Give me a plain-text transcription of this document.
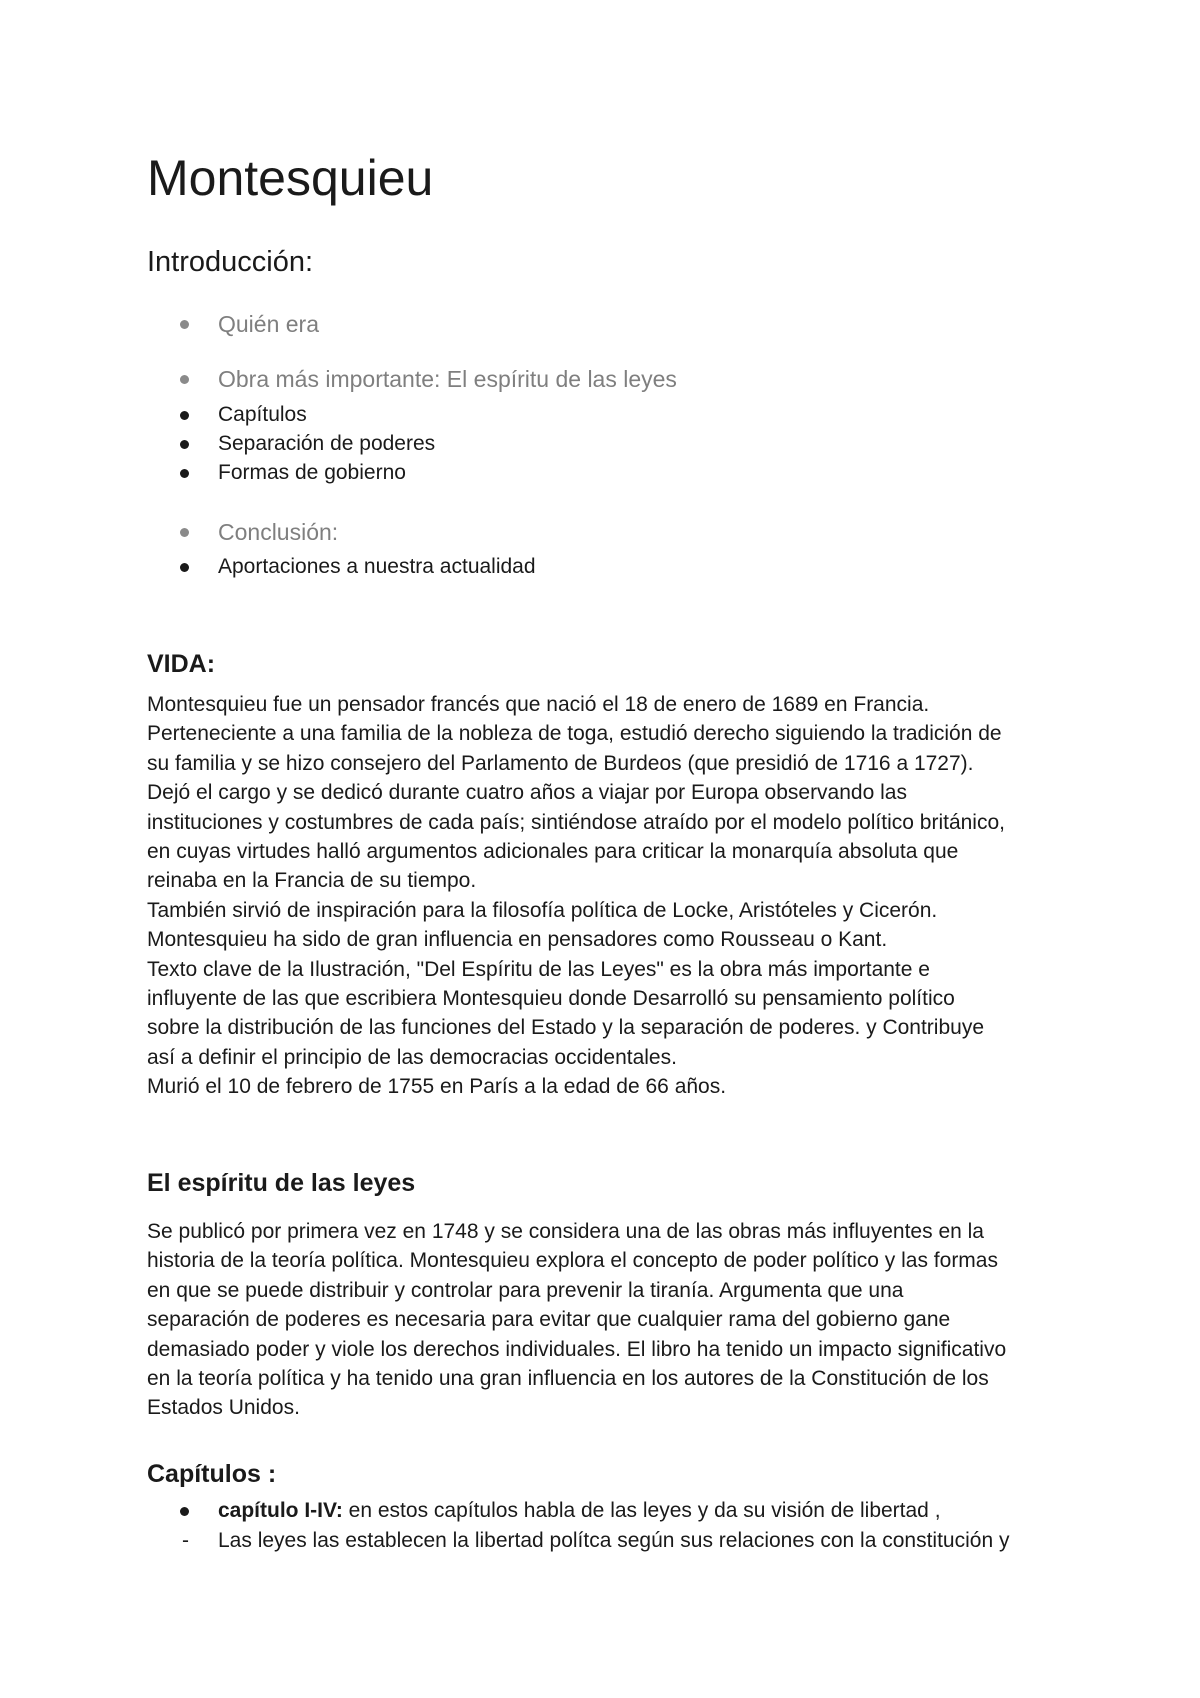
Montesquieu
Introducción:
Quién era
Obra más importante: El espíritu de las leyes
Capítulos
Separación de poderes
Formas de gobierno
Conclusión:
Aportaciones a nuestra actualidad
VIDA:
Montesquieu fue un pensador francés que nació el 18 de enero de 1689 en Francia.
Perteneciente a una familia de la nobleza de toga, estudió derecho siguiendo la tradición de
su familia y se hizo consejero del Parlamento de Burdeos (que presidió de 1716 a 1727).
Dejó el cargo y se dedicó durante cuatro años a viajar por Europa observando las
instituciones y costumbres de cada país; sintiéndose atraído por el modelo político británico,
en cuyas virtudes halló argumentos adicionales para criticar la monarquía absoluta que
reinaba en la Francia de su tiempo.
También sirvió de inspiración para la filosofía política de Locke, Aristóteles y Cicerón.
Montesquieu ha sido de gran influencia en pensadores como Rousseau o Kant.
Texto clave de la Ilustración, "Del Espíritu de las Leyes" es la obra más importante e
influyente de las que escribiera Montesquieu donde Desarrolló su pensamiento político
sobre la distribución de las funciones del Estado y la separación de poderes. y Contribuye
así a definir el principio de las democracias occidentales.
Murió el 10 de febrero de 1755 en París a la edad de 66 años.
El espíritu de las leyes
Se publicó por primera vez en 1748 y se considera una de las obras más influyentes en la
historia de la teoría política. Montesquieu explora el concepto de poder político y las formas
en que se puede distribuir y controlar para prevenir la tiranía. Argumenta que una
separación de poderes es necesaria para evitar que cualquier rama del gobierno gane
demasiado poder y viole los derechos individuales. El libro ha tenido un impacto significativo
en la teoría política y ha tenido una gran influencia en los autores de la Constitución de los
Estados Unidos.
Capítulos :
capítulo I-IV: en estos capítulos habla de las leyes y da su visión de libertad ,
- Las leyes las establecen la libertad polítca según sus relaciones con la constitución y
